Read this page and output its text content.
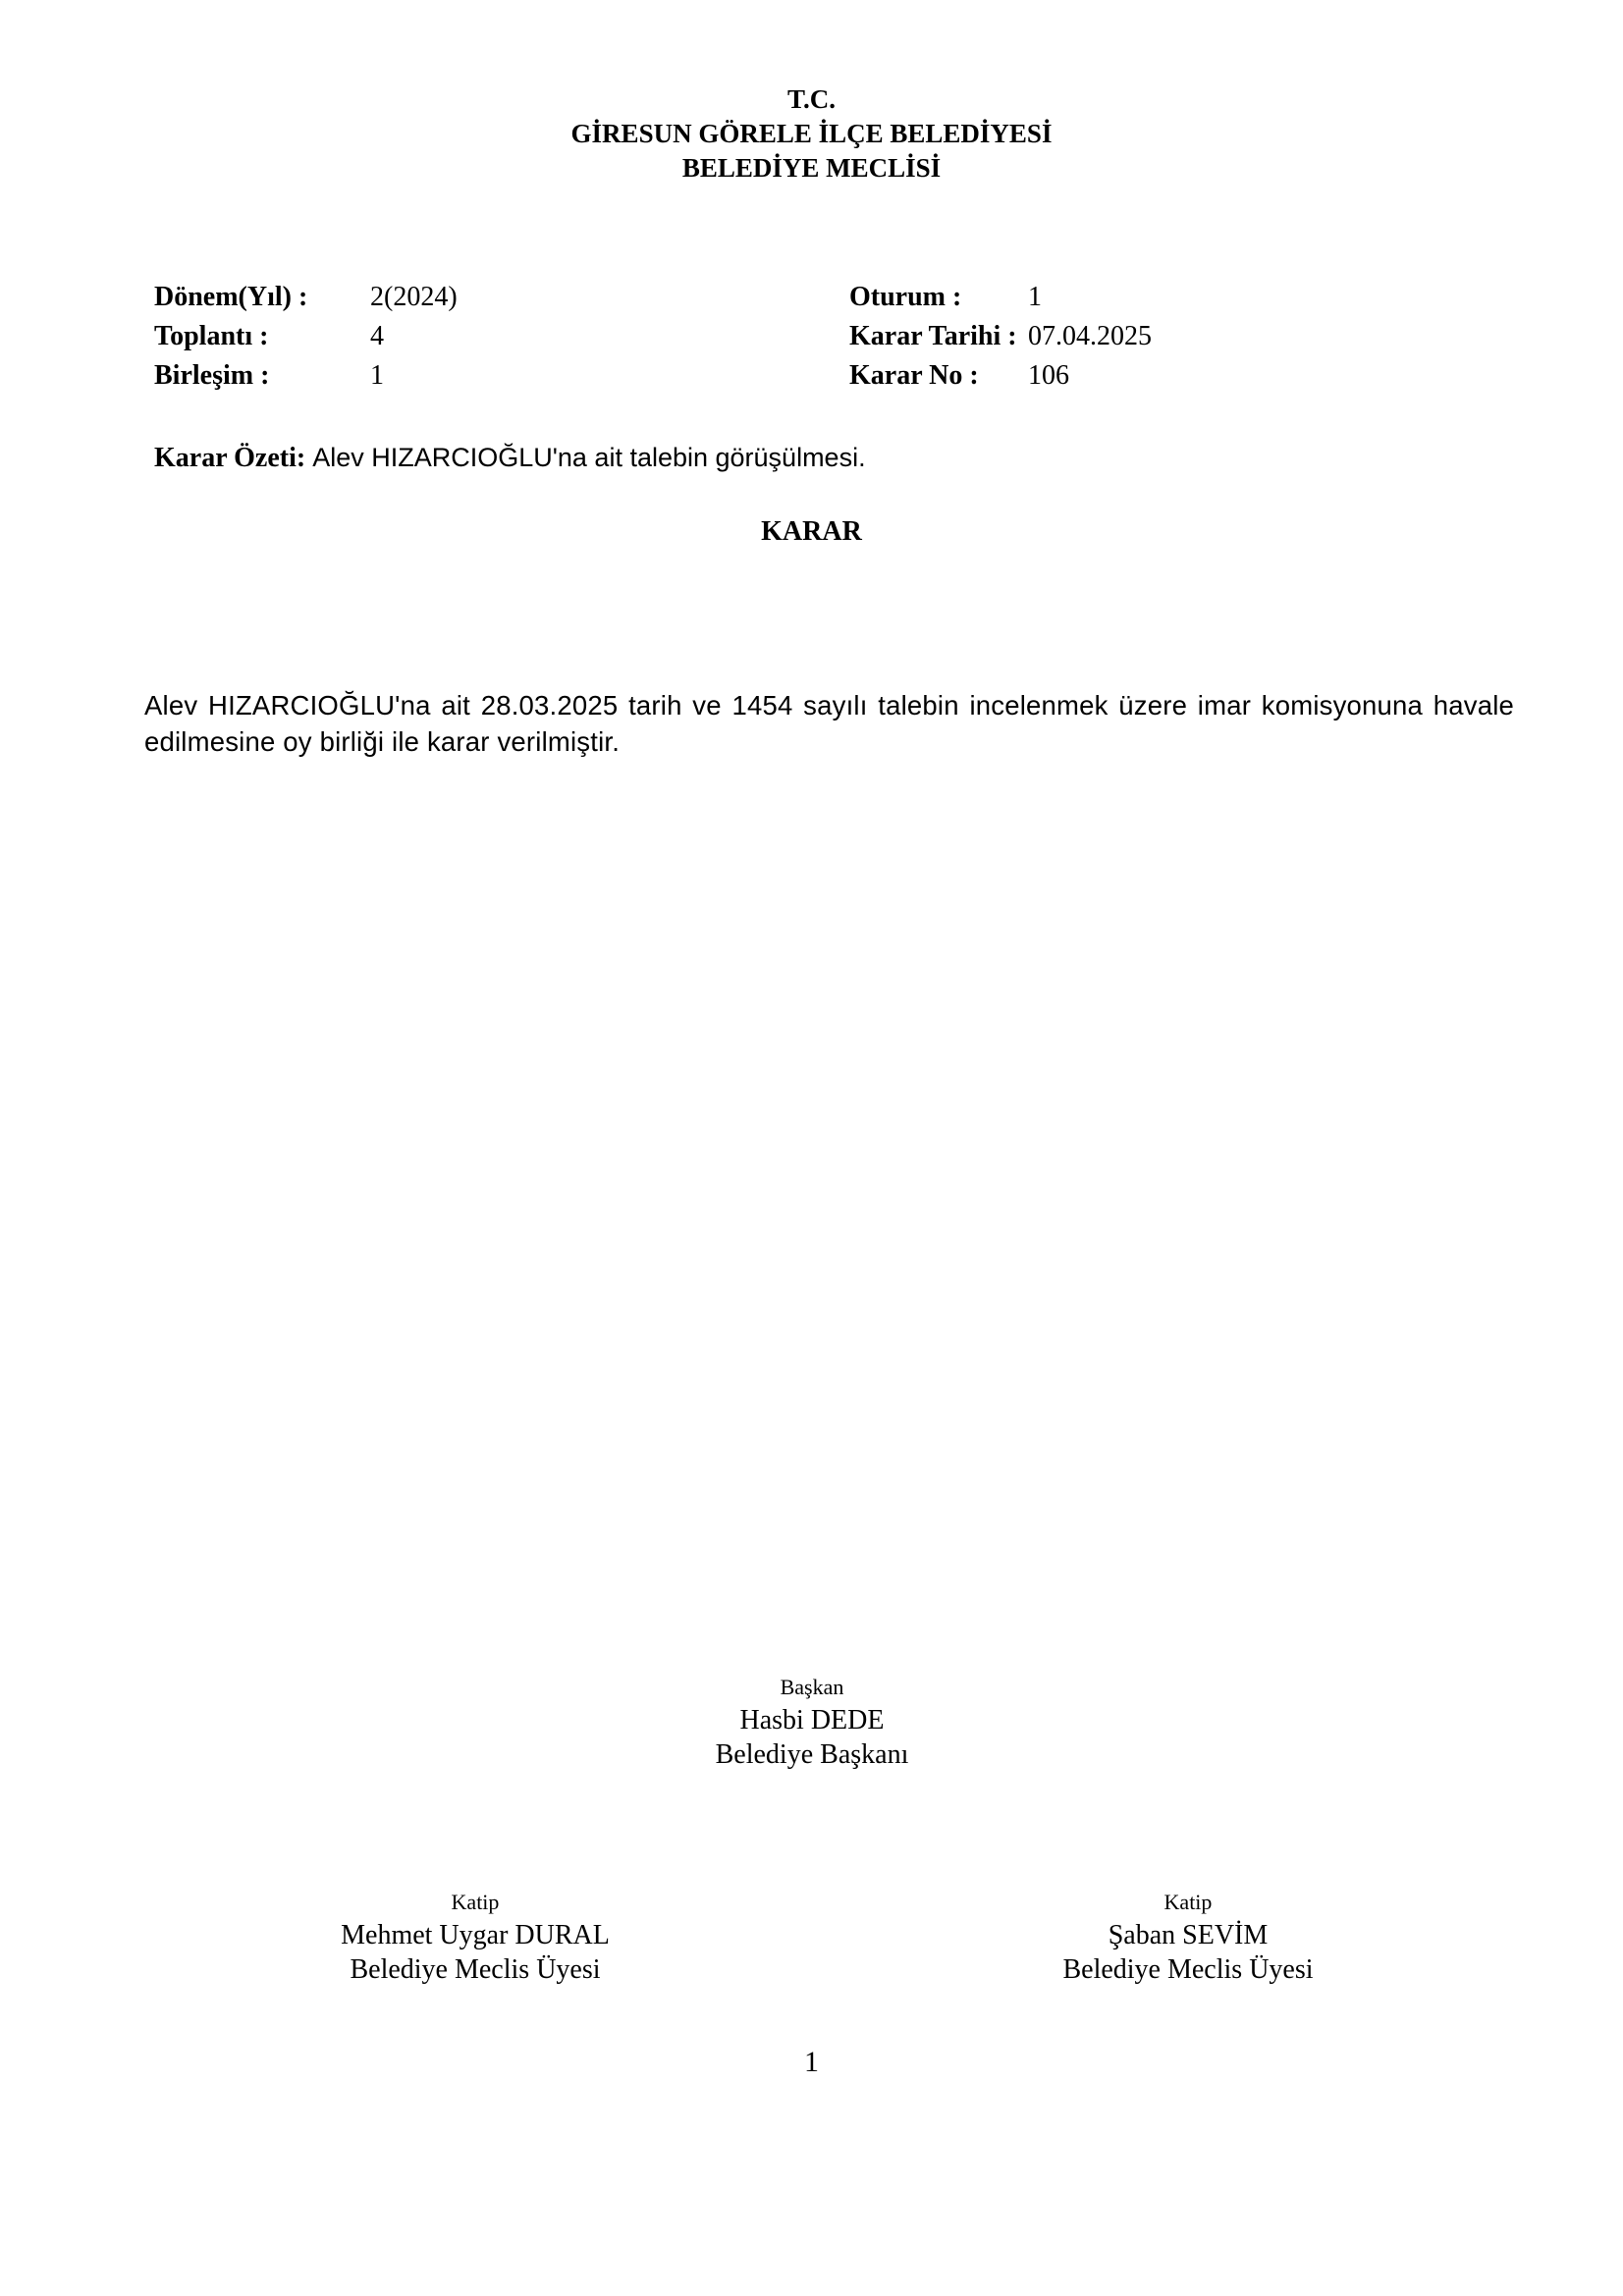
T.C.
GİRESUN GÖRELE İLÇE BELEDİYESİ
BELEDİYE MECLİSİ
Dönem(Yıl) : 2(2024)
Toplantı :	4
Birleşim :	1
Oturum : 1
Karar Tarihi : 07.04.2025
Karar No : 106
Karar Özeti: Alev HIZARCIOĞLU'na ait talebin görüşülmesi.
KARAR
Alev HIZARCIOĞLU'na ait 28.03.2025 tarih ve 1454 sayılı talebin incelenmek üzere imar komisyonuna havale edilmesine oy birliği ile karar verilmiştir.
Başkan
Hasbi DEDE
Belediye Başkanı
Katip
Mehmet Uygar DURAL
Belediye Meclis Üyesi
Katip
Şaban SEVİM
Belediye Meclis Üyesi
1
